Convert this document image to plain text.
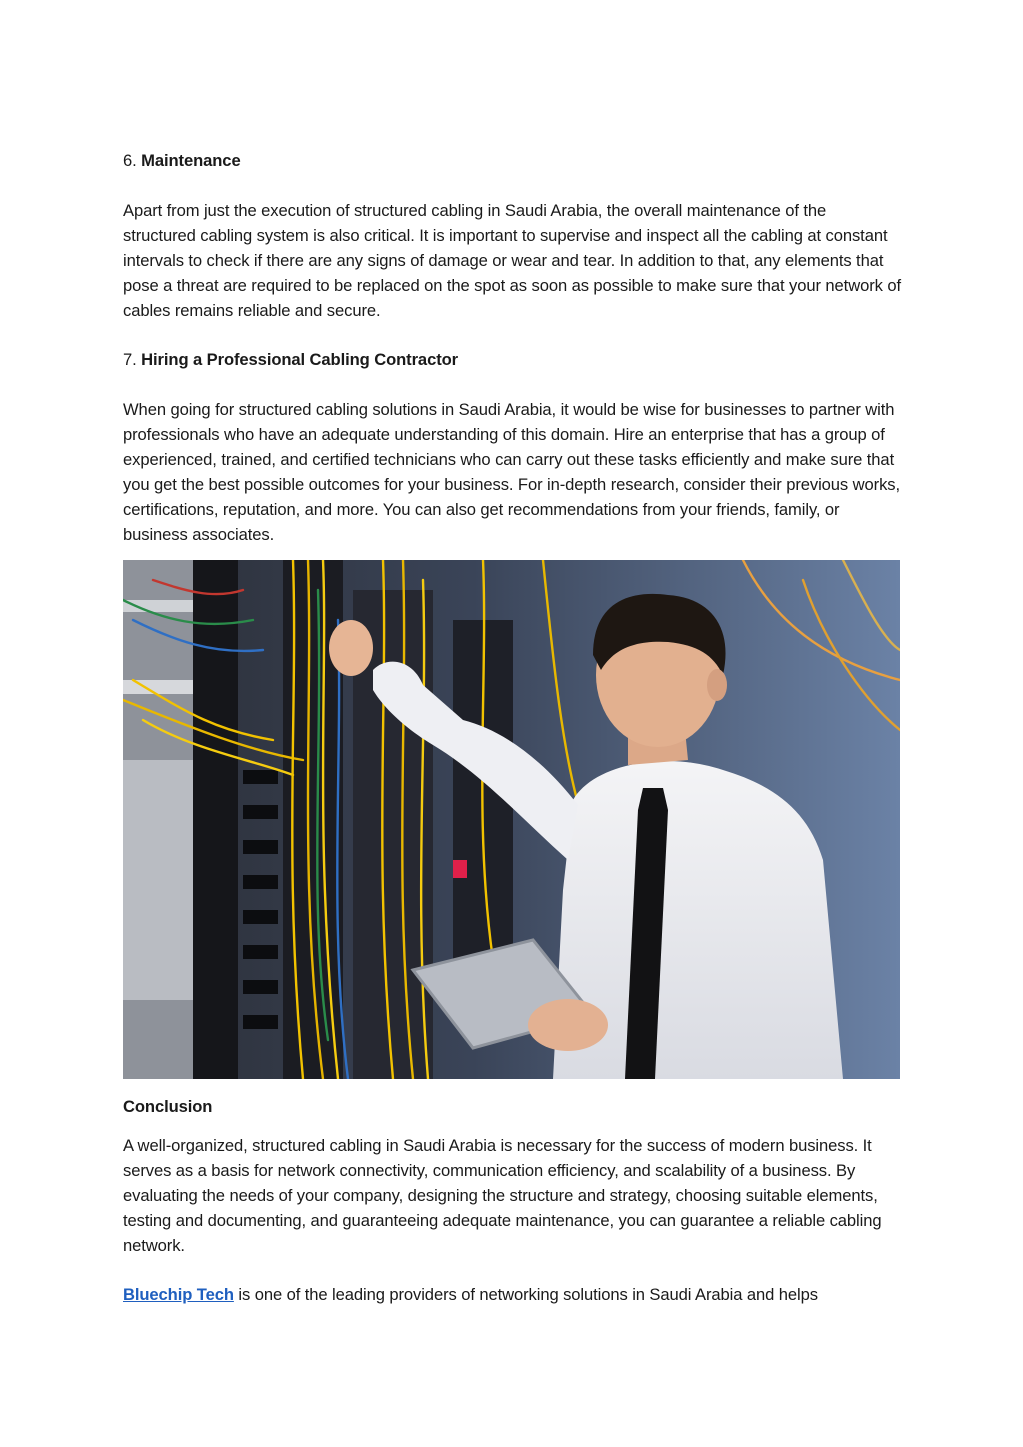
6. Maintenance
Apart from just the execution of structured cabling in Saudi Arabia, the overall maintenance of the structured cabling system is also critical. It is important to supervise and inspect all the cabling at constant intervals to check if there are any signs of damage or wear and tear. In addition to that, any elements that pose a threat are required to be replaced on the spot as soon as possible to make sure that your network of cables remains reliable and secure.
7. Hiring a Professional Cabling Contractor
When going for structured cabling solutions in Saudi Arabia, it would be wise for businesses to partner with professionals who have an adequate understanding of this domain. Hire an enterprise that has a group of experienced, trained, and certified technicians who can carry out these tasks efficiently and make sure that you get the best possible outcomes for your business. For in-depth research, consider their previous works, certifications, reputation, and more. You can also get recommendations from your friends, family, or business associates.
Conclusion
A well-organized, structured cabling in Saudi Arabia is necessary for the success of modern business. It serves as a basis for network connectivity, communication efficiency, and scalability of a business. By evaluating the needs of your company, designing the structure and strategy, choosing suitable elements, testing and documenting, and guaranteeing adequate maintenance, you can guarantee a reliable cabling network.
Bluechip Tech is one of the leading providers of networking solutions in Saudi Arabia and helps
